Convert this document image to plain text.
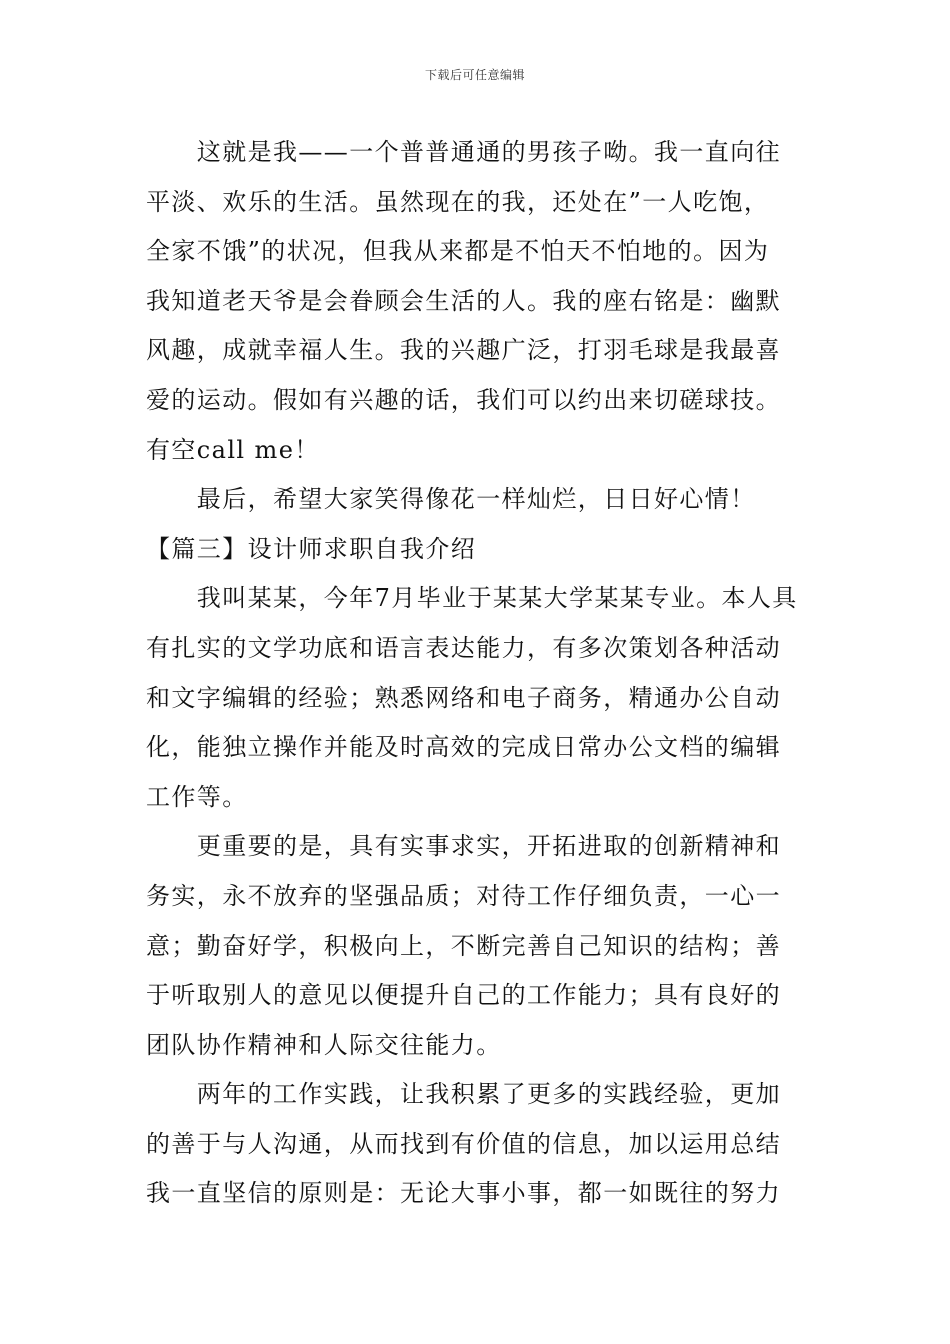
下载后可任意编辑
　　这就是我——一个普普通通的男孩子呦。我一直向往
平淡、欢乐的生活。虽然现在的我，还处在”一人吃饱，
全家不饿”的状况，但我从来都是不怕天不怕地的。因为
我知道老天爷是会眷顾会生活的人。我的座右铭是：幽默
风趣，成就幸福人生。我的兴趣广泛，打羽毛球是我最喜
爱的运动。假如有兴趣的话，我们可以约出来切磋球技。
有空call me！
　　最后，希望大家笑得像花一样灿烂，日日好心情！
【篇三】设计师求职自我介绍
　　我叫某某，今年7月毕业于某某大学某某专业。本人具
有扎实的文学功底和语言表达能力，有多次策划各种活动
和文字编辑的经验；熟悉网络和电子商务，精通办公自动
化，能独立操作并能及时高效的完成日常办公文档的编辑
工作等。
　　更重要的是，具有实事求实，开拓进取的创新精神和
务实，永不放弃的坚强品质；对待工作仔细负责，一心一
意；勤奋好学，积极向上，不断完善自己知识的结构；善
于听取别人的意见以便提升自己的工作能力；具有良好的
团队协作精神和人际交往能力。
　　两年的工作实践，让我积累了更多的实践经验，更加
的善于与人沟通，从而找到有价值的信息，加以运用总结
我一直坚信的原则是：无论大事小事，都一如既往的努力
